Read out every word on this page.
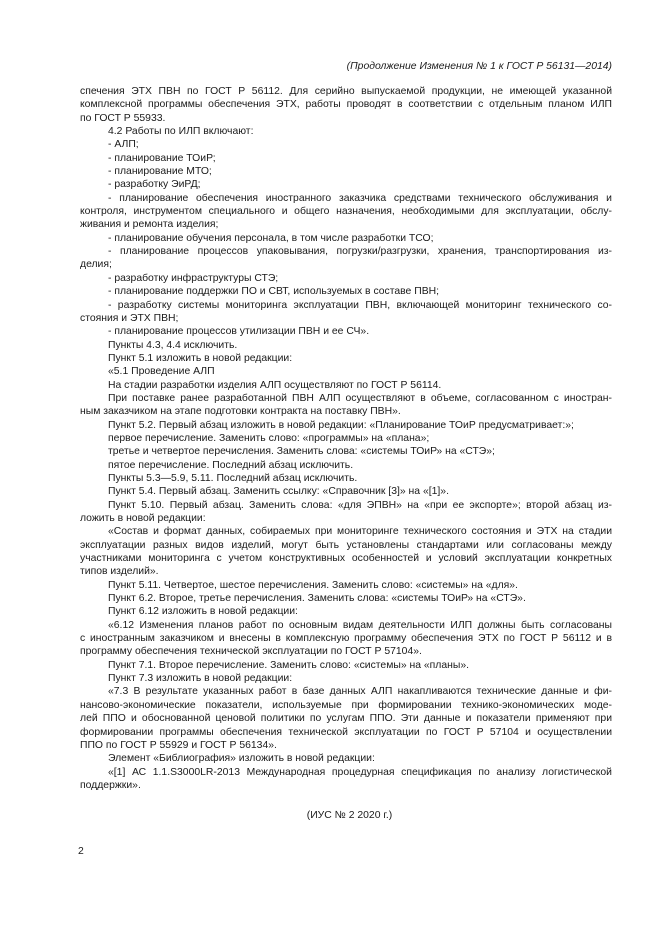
(Продолжение Изменения № 1 к ГОСТ Р 56131—2014)
спечения ЭТХ ПВН по ГОСТ Р 56112. Для серийно выпускаемой продукции, не имеющей указанной
комплексной программы обеспечения ЭТХ, работы проводят в соответствии с отдельным планом ИЛП
по ГОСТ Р 55933.
4.2 Работы по ИЛП включают:
- АЛП;
- планирование ТОиР;
- планирование МТО;
- разработку ЭиРД;
- планирование обеспечения иностранного заказчика средствами технического обслуживания и
контроля, инструментом специального и общего назначения, необходимыми для эксплуатации, обслу-
живания и ремонта изделия;
- планирование обучения персонала, в том числе разработки ТСО;
- планирование процессов упаковывания, погрузки/разгрузки, хранения, транспортирования из-
делия;
- разработку инфраструктуры СТЭ;
- планирование поддержки ПО и СВТ, используемых в составе ПВН;
- разработку системы мониторинга эксплуатации ПВН, включающей мониторинг технического со-
стояния и ЭТХ ПВН;
- планирование процессов утилизации ПВН и ее СЧ».
Пункты 4.3, 4.4 исключить.
Пункт 5.1 изложить в новой редакции:
«5.1 Проведение АЛП
На стадии разработки изделия АЛП осуществляют по ГОСТ Р 56114.
При поставке ранее разработанной ПВН АЛП осуществляют в объеме, согласованном с иностран-
ным заказчиком на этапе подготовки контракта на поставку ПВН».
Пункт 5.2. Первый абзац изложить в новой редакции: «Планирование ТОиР предусматривает:»;
первое перечисление. Заменить слово: «программы» на «плана»;
третье и четвертое перечисления. Заменить слова: «системы ТОиР» на «СТЭ»;
пятое перечисление. Последний абзац исключить.
Пункты 5.3—5.9, 5.11. Последний абзац исключить.
Пункт 5.4. Первый абзац. Заменить ссылку: «Справочник [3]» на «[1]».
Пункт 5.10. Первый абзац. Заменить слова: «для ЭПВН» на «при ее экспорте»; второй абзац из-
ложить в новой редакции:
«Состав и формат данных, собираемых при мониторинге технического состояния и ЭТХ на стадии
эксплуатации разных видов изделий, могут быть установлены стандартами или согласованы между
участниками мониторинга с учетом конструктивных особенностей и условий эксплуатации конкретных
типов изделий».
Пункт 5.11. Четвертое, шестое перечисления. Заменить слово: «системы» на «для».
Пункт 6.2. Второе, третье перечисления. Заменить слова: «системы ТОиР» на «СТЭ».
Пункт 6.12 изложить в новой редакции:
«6.12 Изменения планов работ по основным видам деятельности ИЛП должны быть согласованы
с иностранным заказчиком и внесены в комплексную программу обеспечения ЭТХ по ГОСТ Р 56112 и в
программу обеспечения технической эксплуатации по ГОСТ Р 57104».
Пункт 7.1. Второе перечисление. Заменить слово: «системы» на «планы».
Пункт 7.3 изложить в новой редакции:
«7.3 В результате указанных работ в базе данных АЛП накапливаются технические данные и фи-
нансово-экономические показатели, используемые при формировании технико-экономических моде-
лей ППО и обоснованной ценовой политики по услугам ППО. Эти данные и показатели применяют при
формировании программы обеспечения технической эксплуатации по ГОСТ Р 57104 и осуществлении
ППО по ГОСТ Р 55929 и ГОСТ Р 56134».
Элемент «Библиография» изложить в новой редакции:
«[1] АС 1.1.S3000LR-2013 Международная процедурная спецификация по анализу логистической
поддержки».
(ИУС № 2 2020 г.)
2
